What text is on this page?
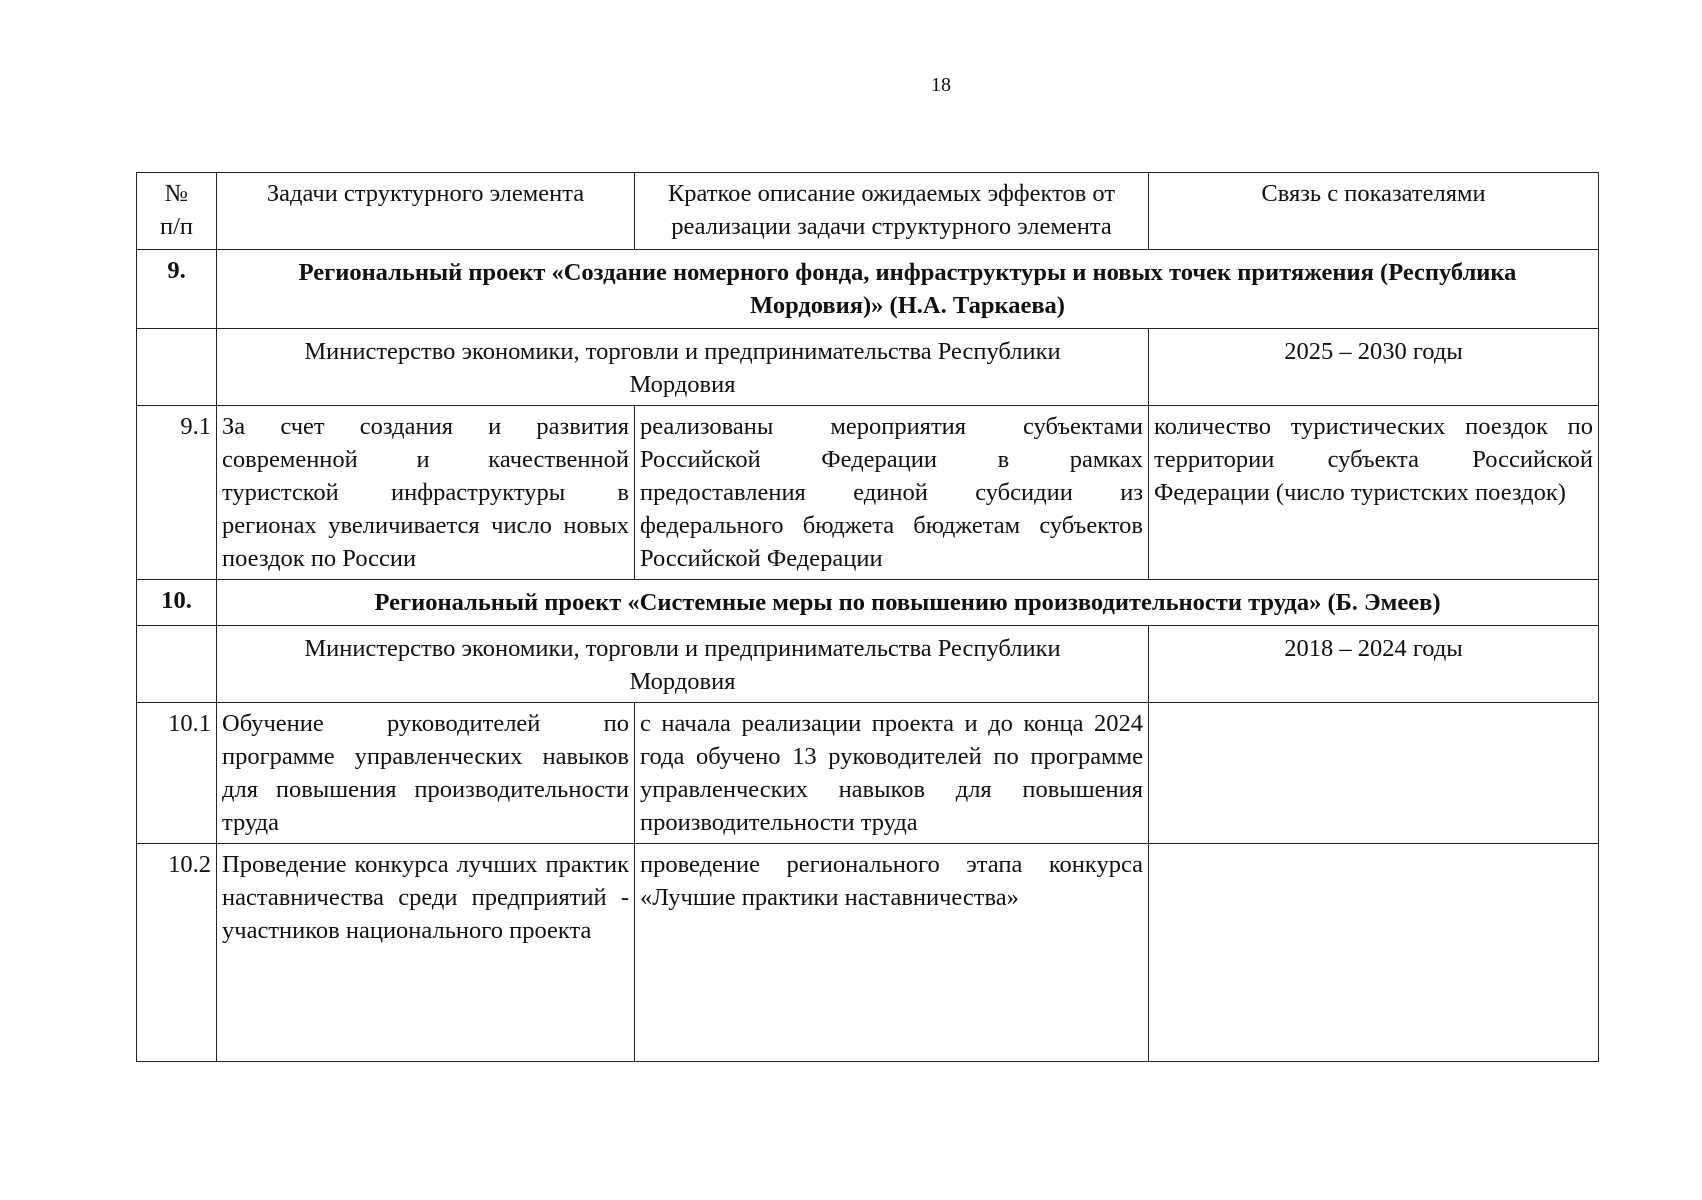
18
№
п/п	Задачи структурного элемента	Краткое описание ожидаемых эффектов от реализации задачи структурного элемента	Связь с показателями
9.	Региональный проект «Создание номерного фонда, инфраструктуры и новых точек притяжения (Республика Мордовия)» (Н.А. Таркаева)		
	Министерство экономики, торговли и предпринимательства Республики Мордовия		2025 – 2030 годы
9.1	За счет создания и развития современной и качественной туристской инфраструктуры в регионах увеличивается число новых поездок по России	реализованы мероприятия субъектами Российской Федерации в рамках предоставления единой субсидии из федерального бюджета бюджетам субъектов Российской Федерации	количество туристических поездок по территории субъекта Российской Федерации (число туристских поездок)
10.	Региональный проект «Системные меры по повышению производительности труда» (Б. Эмеев)		
	Министерство экономики, торговли и предпринимательства Республики Мордовия		2018 – 2024 годы
10.1	Обучение руководителей по программе управленческих навыков для повышения производительности труда	с начала реализации проекта и до конца 2024 года обучено 13 руководителей по программе управленческих навыков для повышения производительности труда	
10.2	Проведение конкурса лучших практик наставничества среди предприятий - участников национального проекта	проведение регионального этапа конкурса «Лучшие практики наставничества»	
